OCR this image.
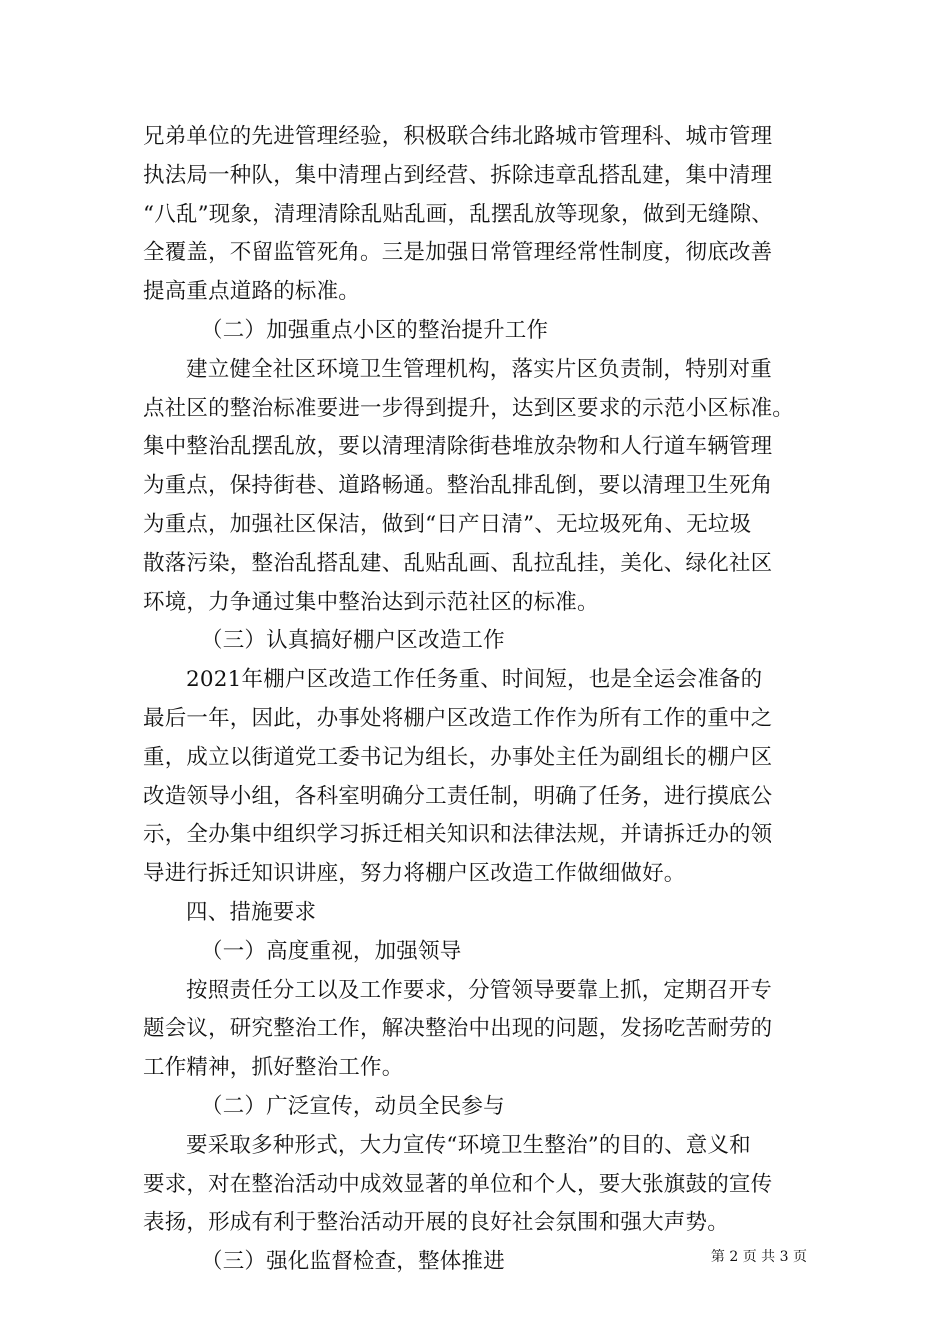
兄弟单位的先进管理经验，积极联合纬北路城市管理科、城市管理
执法局一种队，集中清理占到经营、拆除违章乱搭乱建，集中清理
“八乱”现象，清理清除乱贴乱画，乱摆乱放等现象，做到无缝隙、
全覆盖，不留监管死角。三是加强日常管理经常性制度，彻底改善
提高重点道路的标准。
（二）加强重点小区的整治提升工作
建立健全社区环境卫生管理机构，落实片区负责制，特别对重
点社区的整治标准要进一步得到提升，达到区要求的示范小区标准。
集中整治乱摆乱放，要以清理清除街巷堆放杂物和人行道车辆管理
为重点，保持街巷、道路畅通。整治乱排乱倒，要以清理卫生死角
为重点，加强社区保洁，做到“日产日清”、无垃圾死角、无垃圾
散落污染，整治乱搭乱建、乱贴乱画、乱拉乱挂，美化、绿化社区
环境，力争通过集中整治达到示范社区的标准。
（三）认真搞好棚户区改造工作
2021年棚户区改造工作任务重、时间短，也是全运会准备的
最后一年，因此，办事处将棚户区改造工作作为所有工作的重中之
重，成立以街道党工委书记为组长，办事处主任为副组长的棚户区
改造领导小组，各科室明确分工责任制，明确了任务，进行摸底公
示，全办集中组织学习拆迁相关知识和法律法规，并请拆迁办的领
导进行拆迁知识讲座，努力将棚户区改造工作做细做好。
四、措施要求
（一）高度重视，加强领导
按照责任分工以及工作要求，分管领导要靠上抓，定期召开专
题会议，研究整治工作，解决整治中出现的问题，发扬吃苦耐劳的
工作精神，抓好整治工作。
（二）广泛宣传，动员全民参与
要采取多种形式，大力宣传“环境卫生整治”的目的、意义和
要求，对在整治活动中成效显著的单位和个人，要大张旗鼓的宣传
表扬，形成有利于整治活动开展的良好社会氛围和强大声势。
（三）强化监督检查，整体推进	第 2 页 共 3 页
